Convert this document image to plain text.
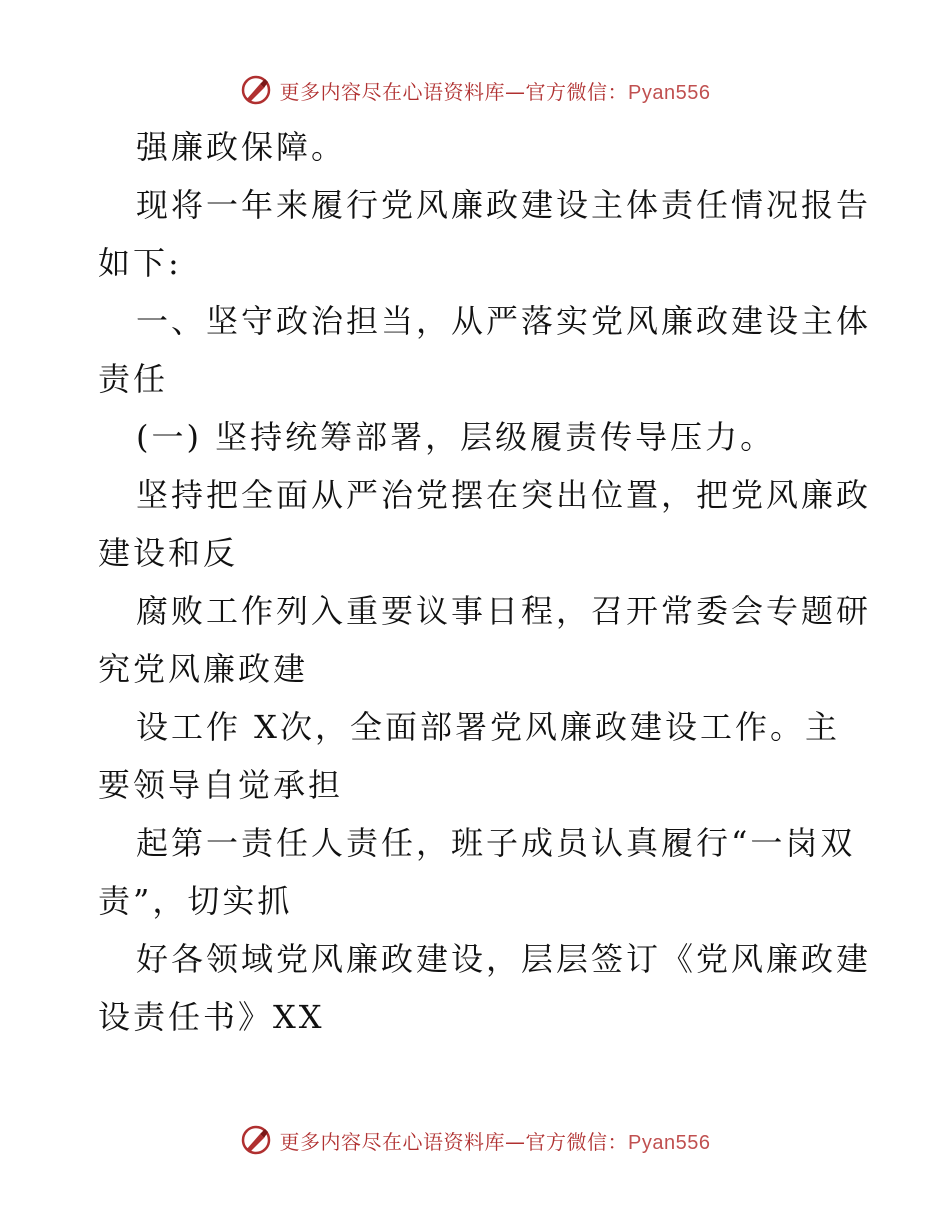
更多内容尽在心语资料库—官方微信：Pyan556
强廉政保障。
现将一年来履行党风廉政建设主体责任情况报告
如下:
一、坚守政治担当，从严落实党风廉政建设主体
责任
(一) 坚持统筹部署，层级履责传导压力。
坚持把全面从严治党摆在突出位置，把党风廉政
建设和反
腐败工作列入重要议事日程，召开常委会专题研
究党风廉政建
设工作 X次，全面部署党风廉政建设工作。主
要领导自觉承担
起第一责任人责任，班子成员认真履行“一岗双
责”，切实抓
好各领域党风廉政建设，层层签订《党风廉政建
设责任书》XX
更多内容尽在心语资料库—官方微信：Pyan556
